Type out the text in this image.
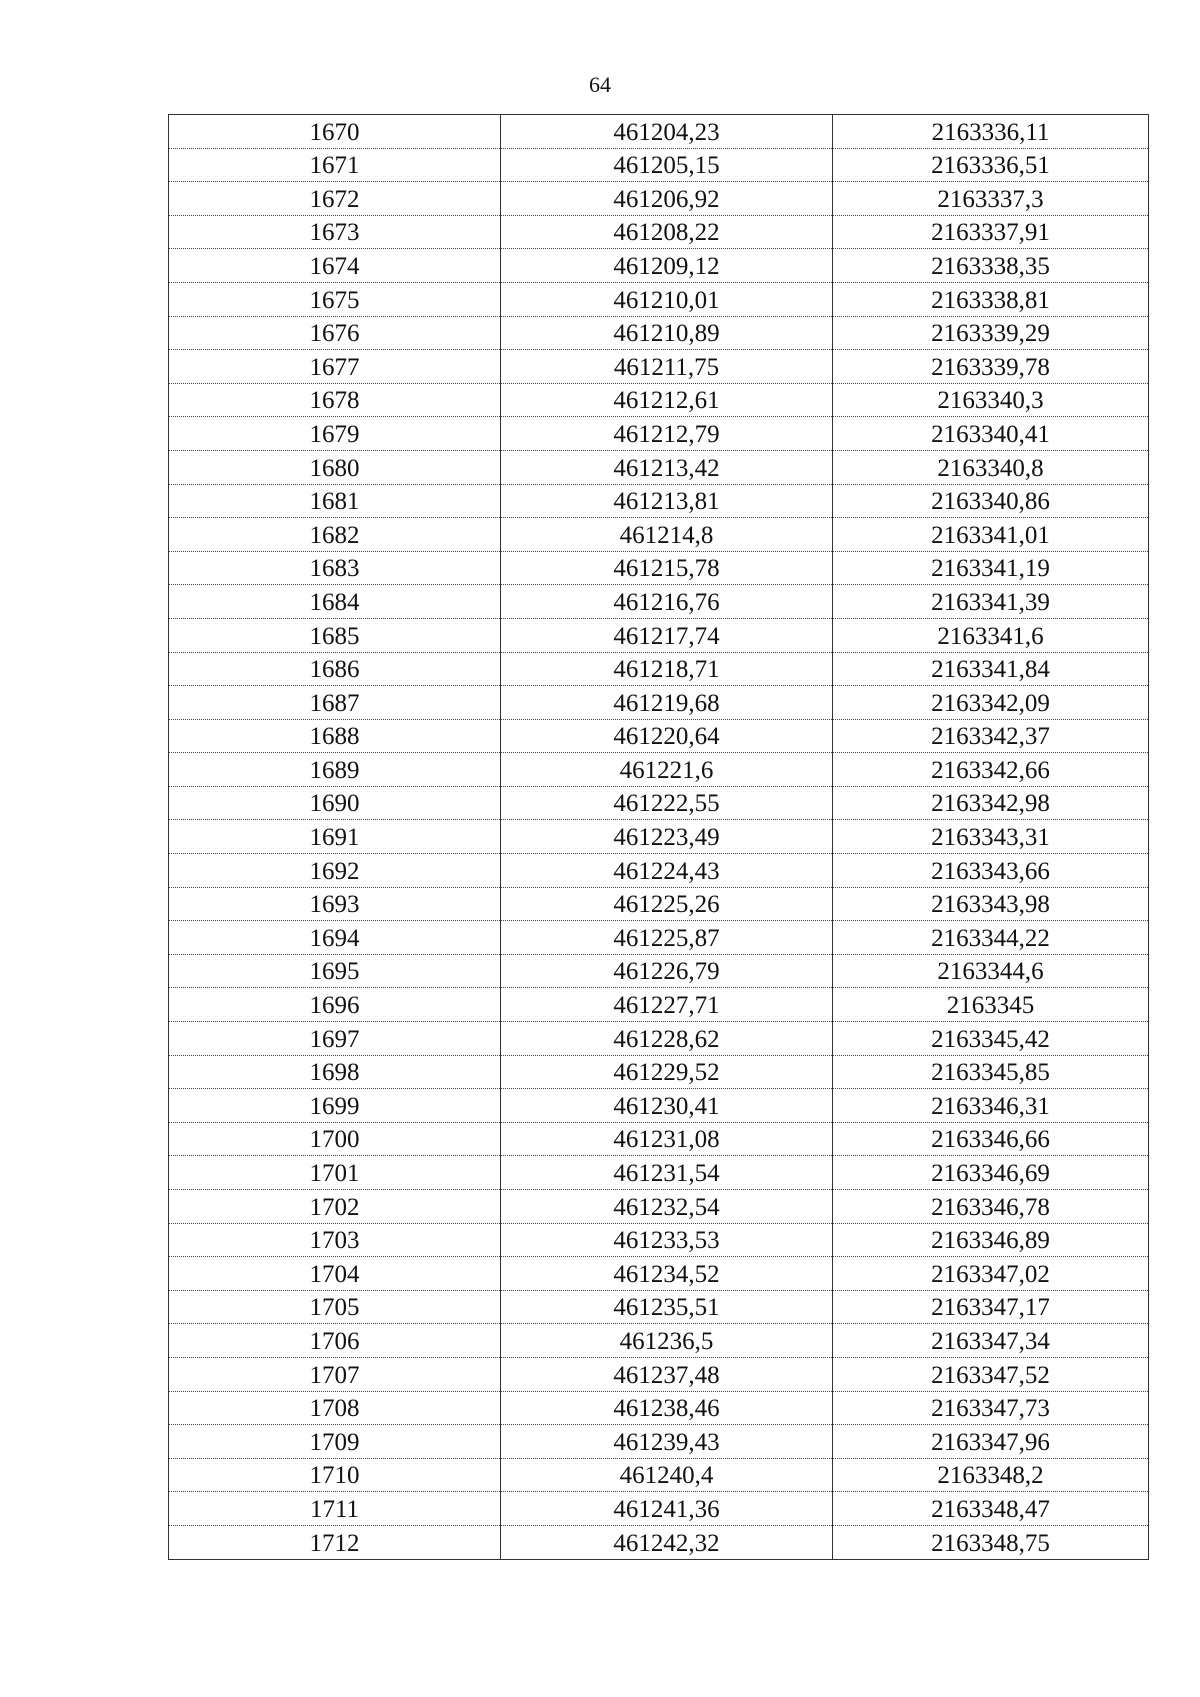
64
1670	461204,23	2163336,11
1671	461205,15	2163336,51
1672	461206,92	2163337,3
1673	461208,22	2163337,91
1674	461209,12	2163338,35
1675	461210,01	2163338,81
1676	461210,89	2163339,29
1677	461211,75	2163339,78
1678	461212,61	2163340,3
1679	461212,79	2163340,41
1680	461213,42	2163340,8
1681	461213,81	2163340,86
1682	461214,8	2163341,01
1683	461215,78	2163341,19
1684	461216,76	2163341,39
1685	461217,74	2163341,6
1686	461218,71	2163341,84
1687	461219,68	2163342,09
1688	461220,64	2163342,37
1689	461221,6	2163342,66
1690	461222,55	2163342,98
1691	461223,49	2163343,31
1692	461224,43	2163343,66
1693	461225,26	2163343,98
1694	461225,87	2163344,22
1695	461226,79	2163344,6
1696	461227,71	2163345
1697	461228,62	2163345,42
1698	461229,52	2163345,85
1699	461230,41	2163346,31
1700	461231,08	2163346,66
1701	461231,54	2163346,69
1702	461232,54	2163346,78
1703	461233,53	2163346,89
1704	461234,52	2163347,02
1705	461235,51	2163347,17
1706	461236,5	2163347,34
1707	461237,48	2163347,52
1708	461238,46	2163347,73
1709	461239,43	2163347,96
1710	461240,4	2163348,2
1711	461241,36	2163348,47
1712	461242,32	2163348,75
